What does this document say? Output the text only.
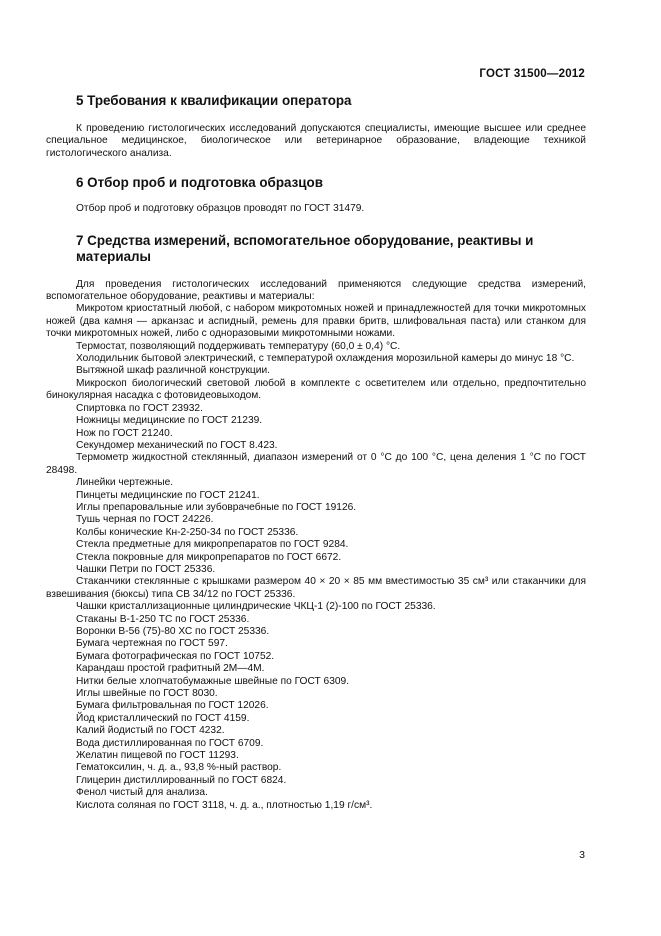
ГОСТ 31500—2012
5 Требования к квалификации оператора

К проведению гистологических исследований допускаются специалисты, имеющие высшее или среднее специальное медицинское, биологическое или ветеринарное образование, владеющие техникой гистологического анализа.

6 Отбор проб и подготовка образцов

Отбор проб и подготовку образцов проводят по ГОСТ 31479.

7 Средства измерений, вспомогательное оборудование, реактивы и материалы

Для проведения гистологических исследований применяются следующие средства измерений, вспомогательное оборудование, реактивы и материалы:

Микротом криостатный любой, с набором микротомных ножей и принадлежностей для точки микротомных ножей (два камня — арканзас и аспидный, ремень для правки бритв, шлифовальная паста) или станком для точки микротомных ножей, либо с одноразовыми микротомными ножами.

Термостат, позволяющий поддерживать температуру (60,0 ± 0,4) °С.

Холодильник бытовой электрический, с температурой охлаждения морозильной камеры до минус 18 °С.

Вытяжной шкаф различной конструкции.

Микроскоп биологический световой любой в комплекте с осветителем или отдельно, предпочтительно бинокулярная насадка с фотовидеовыходом.

Спиртовка по ГОСТ 23932.

Ножницы медицинские по ГОСТ 21239.

Нож по ГОСТ 21240.

Секундомер механический по ГОСТ 8.423.

Термометр жидкостной стеклянный, диапазон измерений от 0 °С до 100 °С, цена деления 1 °С по ГОСТ 28498.

Линейки чертежные.

Пинцеты медицинские по ГОСТ 21241.

Иглы препаровальные или зубоврачебные по ГОСТ 19126.

Тушь черная по ГОСТ 24226.

Колбы конические Кн-2-250-34 по ГОСТ 25336.

Стекла предметные для микропрепаратов по ГОСТ 9284.

Стекла покровные для микропрепаратов по ГОСТ 6672.

Чашки Петри по ГОСТ 25336.

Стаканчики стеклянные с крышками размером 40 × 20 × 85 мм вместимостью 35 см³ или стаканчики для взвешивания (бюксы) типа СВ 34/12 по ГОСТ 25336.

Чашки кристаллизационные цилиндрические ЧКЦ-1 (2)-100 по ГОСТ 25336.

Стаканы В-1-250 ТС по ГОСТ 25336.

Воронки В-56 (75)-80 ХС по ГОСТ 25336.

Бумага чертежная по ГОСТ 597.

Бумага фотографическая по ГОСТ 10752.

Карандаш простой графитный 2М—4М.

Нитки белые хлопчатобумажные швейные по ГОСТ 6309.

Иглы швейные по ГОСТ 8030.

Бумага фильтровальная по ГОСТ 12026.

Йод кристаллический по ГОСТ 4159.

Калий йодистый по ГОСТ 4232.

Вода дистиллированная по ГОСТ 6709.

Желатин пищевой по ГОСТ 11293.

Гематоксилин, ч. д. а., 93,8 %-ный раствор.

Глицерин дистиллированный по ГОСТ 6824.

Фенол чистый для анализа.

Кислота соляная по ГОСТ 3118, ч. д. а., плотностью 1,19 г/см³.

3
